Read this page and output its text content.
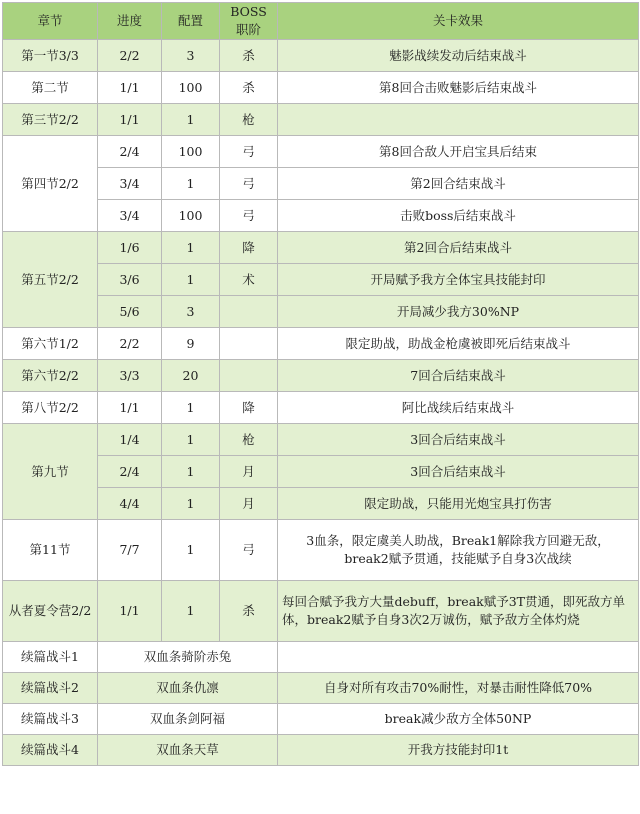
章节	进度	配置	BOSS职阶	关卡效果
第一节3/3	2/2	3	杀	魅影战续发动后结束战斗
第二节	1/1	100	杀	第8回合击败魅影后结束战斗
第三节2/2	1/1	1	枪	
第四节2/2	2/4	100	弓	第8回合敌人开启宝具后结束
	3/4	1	弓	第2回合结束战斗
	3/4	100	弓	击败boss后结束战斗
第五节2/2	1/6	1	降	第2回合后结束战斗
	3/6	1	术	开局赋予我方全体宝具技能封印
	5/6	3		开局减少我方30%NP
第六节1/2	2/2	9		限定助战，助战金枪虞被即死后结束战斗
第六节2/2	3/3	20		7回合后结束战斗
第八节2/2	1/1	1	降	阿比战续后结束战斗
第九节	1/4	1	枪	3回合后结束战斗
	2/4	1	月	3回合后结束战斗
	4/4	1	月	限定助战，只能用光炮宝具打伤害
第11节	7/7	1	弓	3血条，限定虞美人助战，Break1解除我方回避无敌，
break2赋予贯通，技能赋予自身3次战续

从者夏令营2/2	1/1	1	杀	每回合赋予我方大量debuff，break赋予3T贯通，即死敌方单
体，break2赋予自身3次2万诚伤，赋予敌方全体灼烧

续篇战斗1	双血条骑阶赤兔			
续篇战斗2	双血条仇凛			自身对所有攻击70%耐性，对暴击耐性降低70%
续篇战斗3	双血条剑阿福			break减少敌方全体50NP
续篇战斗4	双血条天草			开我方技能封印1t
